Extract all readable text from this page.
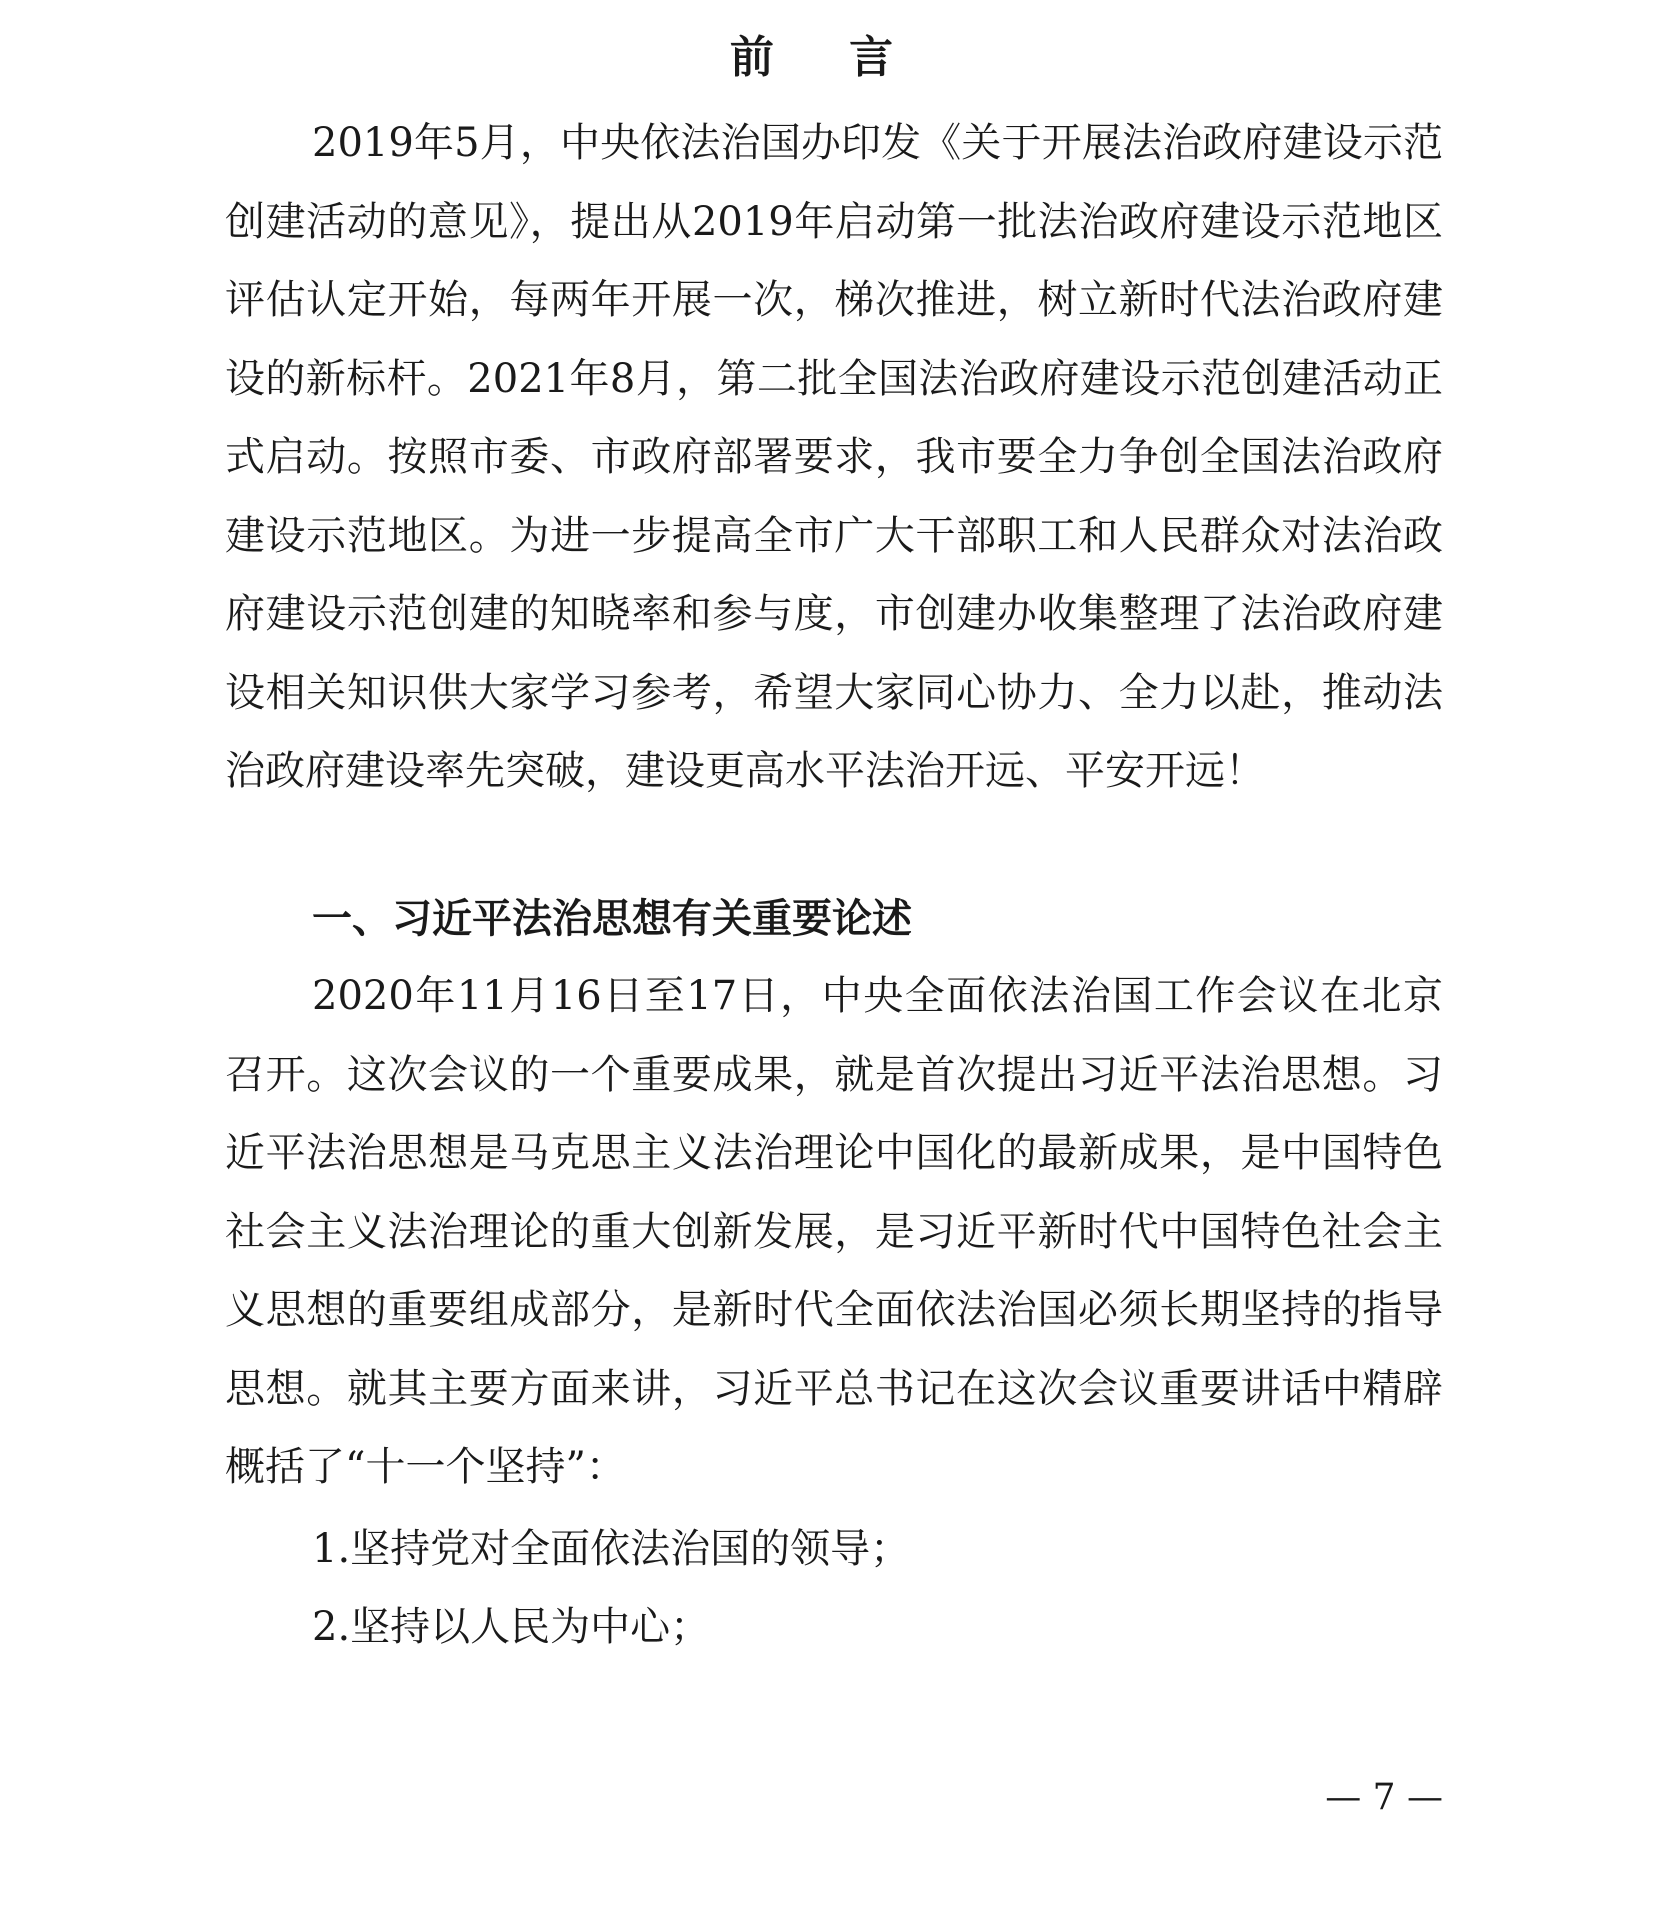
前 言

2019年5月，中央依法治国办印发《关于开展法治政府建设示范创建活动的意见》，提出从2019年启动第一批法治政府建设示范地区评估认定开始，每两年开展一次，梯次推进，树立新时代法治政府建设的新标杆。2021年8月，第二批全国法治政府建设示范创建活动正式启动。按照市委、市政府部署要求，我市要全力争创全国法治政府建设示范地区。为进一步提高全市广大干部职工和人民群众对法治政府建设示范创建的知晓率和参与度，市创建办收集整理了法治政府建设相关知识供大家学习参考，希望大家同心协力、全力以赴，推动法治政府建设率先突破，建设更高水平法治开远、平安开远！

一、习近平法治思想有关重要论述

2020年11月16日至17日，中央全面依法治国工作会议在北京召开。这次会议的一个重要成果，就是首次提出习近平法治思想。习近平法治思想是马克思主义法治理论中国化的最新成果，是中国特色社会主义法治理论的重大创新发展，是习近平新时代中国特色社会主义思想的重要组成部分，是新时代全面依法治国必须长期坚持的指导思想。就其主要方面来讲，习近平总书记在这次会议重要讲话中精辟概括了“十一个坚持”：

1.坚持党对全面依法治国的领导；

2.坚持以人民为中心；

— 7 —
